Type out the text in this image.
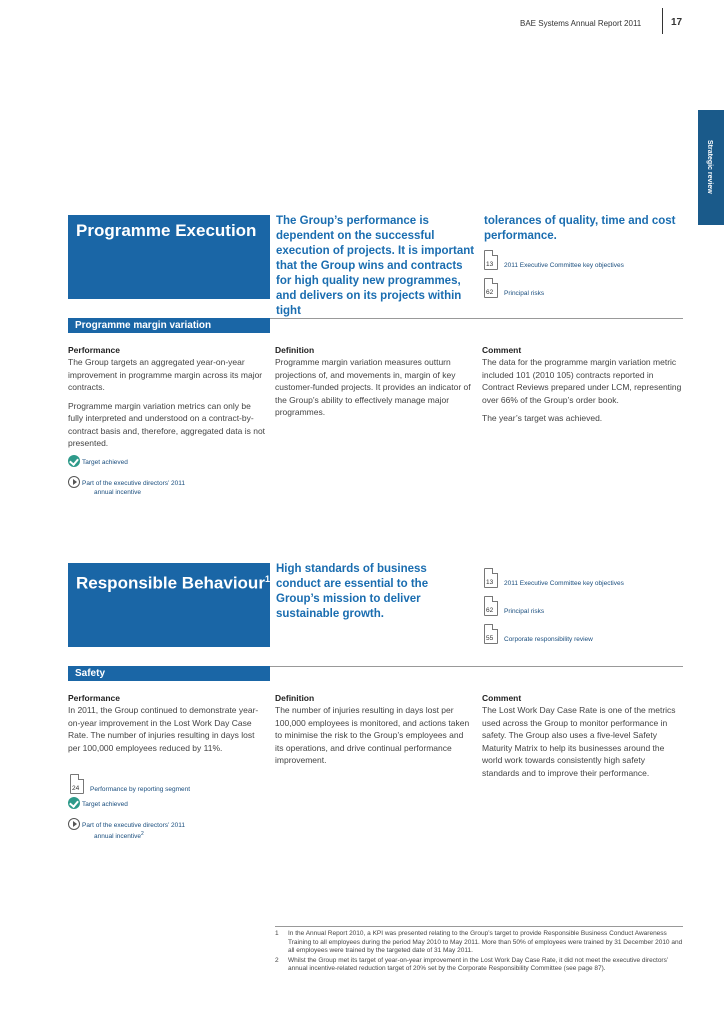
BAE Systems Annual Report 2011	17
Strategic review
Programme Execution	The Group’s performance is dependent on the successful execution of projects. It is important that the Group wins and contracts for high quality new programmes, and delivers on its projects within tight
tolerances of quality, time and cost performance.
13 2011 Executive Committee key objectives
62 Principal risks
Programme margin variation
Performance
The Group targets an aggregated year-on-year improvement in programme margin across its major contracts.
Programme margin variation metrics can only be fully interpreted and understood on a contract-by-contract basis and, therefore, aggregated data is not presented.
Target achieved
Part of the executive directors’ 2011
annual incentive
Definition
Programme margin variation measures outturn projections of, and movements in, margin of key customer-funded projects. It provides an indicator of the Group’s ability to effectively manage major programmes.
Comment
The data for the programme margin variation metric included 101 (2010 105) contracts reported in Contract Reviews prepared under LCM, representing over 66% of the Group’s order book.
The year’s target was achieved.
Responsible Behaviour$^1$
High standards of business conduct are essential to the Group’s mission to deliver sustainable growth.
13 2011 Executive Committee key objectives
62 Principal risks
55 Corporate responsibility review
Safety
Performance
In 2011, the Group continued to demonstrate year-on-year improvement in the Lost Work Day Case Rate. The number of injuries resulting in days lost per 100,000 employees reduced by 11%.
24 Performance by reporting segment
Target achieved
Part of the executive directors’ 2011
annual incentive$^2$
Definition
The number of injuries resulting in days lost per 100,000 employees is monitored, and actions taken to minimise the risk to the Group’s employees and its operations, and drive continual performance improvement.
Comment
The Lost Work Day Case Rate is one of the metrics used across the Group to monitor performance in safety. The Group also uses a five-level Safety Maturity Matrix to help its businesses around the world work towards consistently high safety standards and to improve their performance.
1	In the Annual Report 2010, a KPI was presented relating to the Group’s target to provide Responsible Business Conduct Awareness Training to all employees during the period May 2010 to May 2011. More than 50% of employees were trained by 31 December 2010 and all employees were trained by the targeted date of 31 May 2011.
2	Whilst the Group met its target of year-on-year improvement in the Lost Work Day Case Rate, it did not meet the executive directors’ annual incentive-related reduction target of 20% set by the Corporate Responsibility Committee (see page 87).
